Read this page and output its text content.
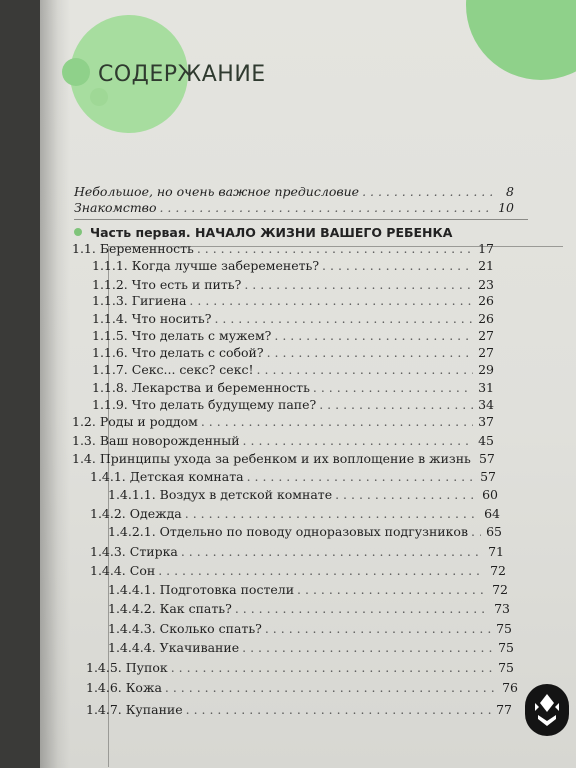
СОДЕРЖАНИЕ
Небольшое, но очень важное предисловие . . .	8
Знакомство . . .	10
Часть первая. НАЧАЛО ЖИЗНИ ВАШЕГО РЕБЕНКА
1.1. Беременность . . .	17
1.1.1. Когда лучше забеременеть? . . .	21
1.1.2. Что есть и пить? . . .	23
1.1.3. Гигиена . . .	26
1.1.4. Что носить? . . .	26
1.1.5. Что делать с мужем? . . .	27
1.1.6. Что делать с собой? . . .	27
1.1.7. Секс... секс? секс! . . .	29
1.1.8. Лекарства и беременность . . .	31
1.1.9. Что делать будущему папе? . . .	34
1.2. Роды и роддом . . .	37
1.3. Ваш новорожденный . . .	45
1.4. Принципы ухода за ребенком и их воплощение в жизнь 57
1.4.1. Детская комната . . .	57
1.4.1.1. Воздух в детской комнате . . .	60
1.4.2. Одежда . . .	64
1.4.2.1. Отдельно по поводу одноразовых подгузников . . . 65
1.4.3. Стирка . . .	71
1.4.4. Сон . . .	72
1.4.4.1. Подготовка постели . . .	72
1.4.4.2. Как спать? . . .	73
1.4.4.3. Сколько спать? . . .	75
1.4.4.4. Укачивание . . .	75
1.4.5. Пупок . . .	75
1.4.6. Кожа . . .	76
1.4.7. Купание . . .	77
